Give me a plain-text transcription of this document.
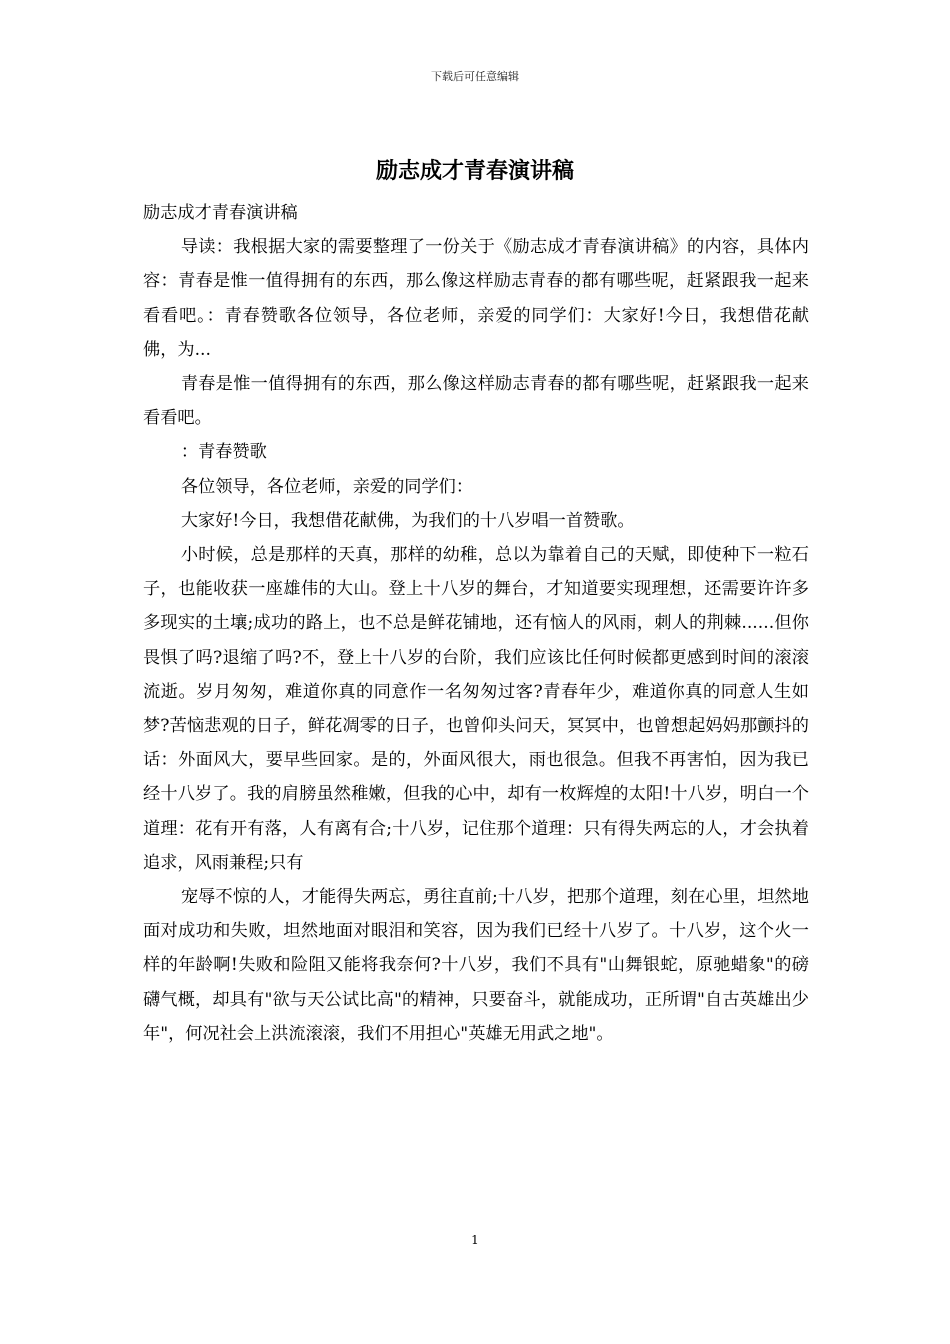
下载后可任意编辑
励志成才青春演讲稿

励志成才青春演讲稿

导读：我根据大家的需要整理了一份关于《励志成才青春演讲稿》的内容，具体内容：青春是惟一值得拥有的东西，那么像这样励志青春的都有哪些呢，赶紧跟我一起来看看吧。：青春赞歌各位领导，各位老师，亲爱的同学们：大家好!今日，我想借花献佛，为...

青春是惟一值得拥有的东西，那么像这样励志青春的都有哪些呢，赶紧跟我一起来看看吧。

：青春赞歌

各位领导，各位老师，亲爱的同学们：

大家好!今日，我想借花献佛，为我们的十八岁唱一首赞歌。

小时候，总是那样的天真，那样的幼稚，总以为靠着自己的天赋，即使种下一粒石子，也能收获一座雄伟的大山。登上十八岁的舞台，才知道要实现理想，还需要许许多多现实的土壤;成功的路上，也不总是鲜花铺地，还有恼人的风雨，刺人的荆棘......但你畏惧了吗?退缩了吗?不，登上十八岁的台阶，我们应该比任何时候都更感到时间的滚滚流逝。岁月匆匆，难道你真的同意作一名匆匆过客?青春年少，难道你真的同意人生如梦?苦恼悲观的日子，鲜花凋零的日子，也曾仰头问天，冥冥中，也曾想起妈妈那颤抖的话：外面风大，要早些回家。是的，外面风很大，雨也很急。但我不再害怕，因为我已经十八岁了。我的肩膀虽然稚嫩，但我的心中，却有一枚辉煌的太阳!十八岁，明白一个道理：花有开有落，人有离有合;十八岁，记住那个道理：只有得失两忘的人，才会执着追求，风雨兼程;只有

宠辱不惊的人，才能得失两忘，勇往直前;十八岁，把那个道理，刻在心里，坦然地面对成功和失败，坦然地面对眼泪和笑容，因为我们已经十八岁了。十八岁，这个火一样的年龄啊!失败和险阻又能将我奈何?十八岁，我们不具有"山舞银蛇，原驰蜡象"的磅礴气概，却具有"欲与天公试比高"的精神，只要奋斗，就能成功，正所谓"自古英雄出少年"，何况社会上洪流滚滚，我们不用担心"英雄无用武之地"。

1
